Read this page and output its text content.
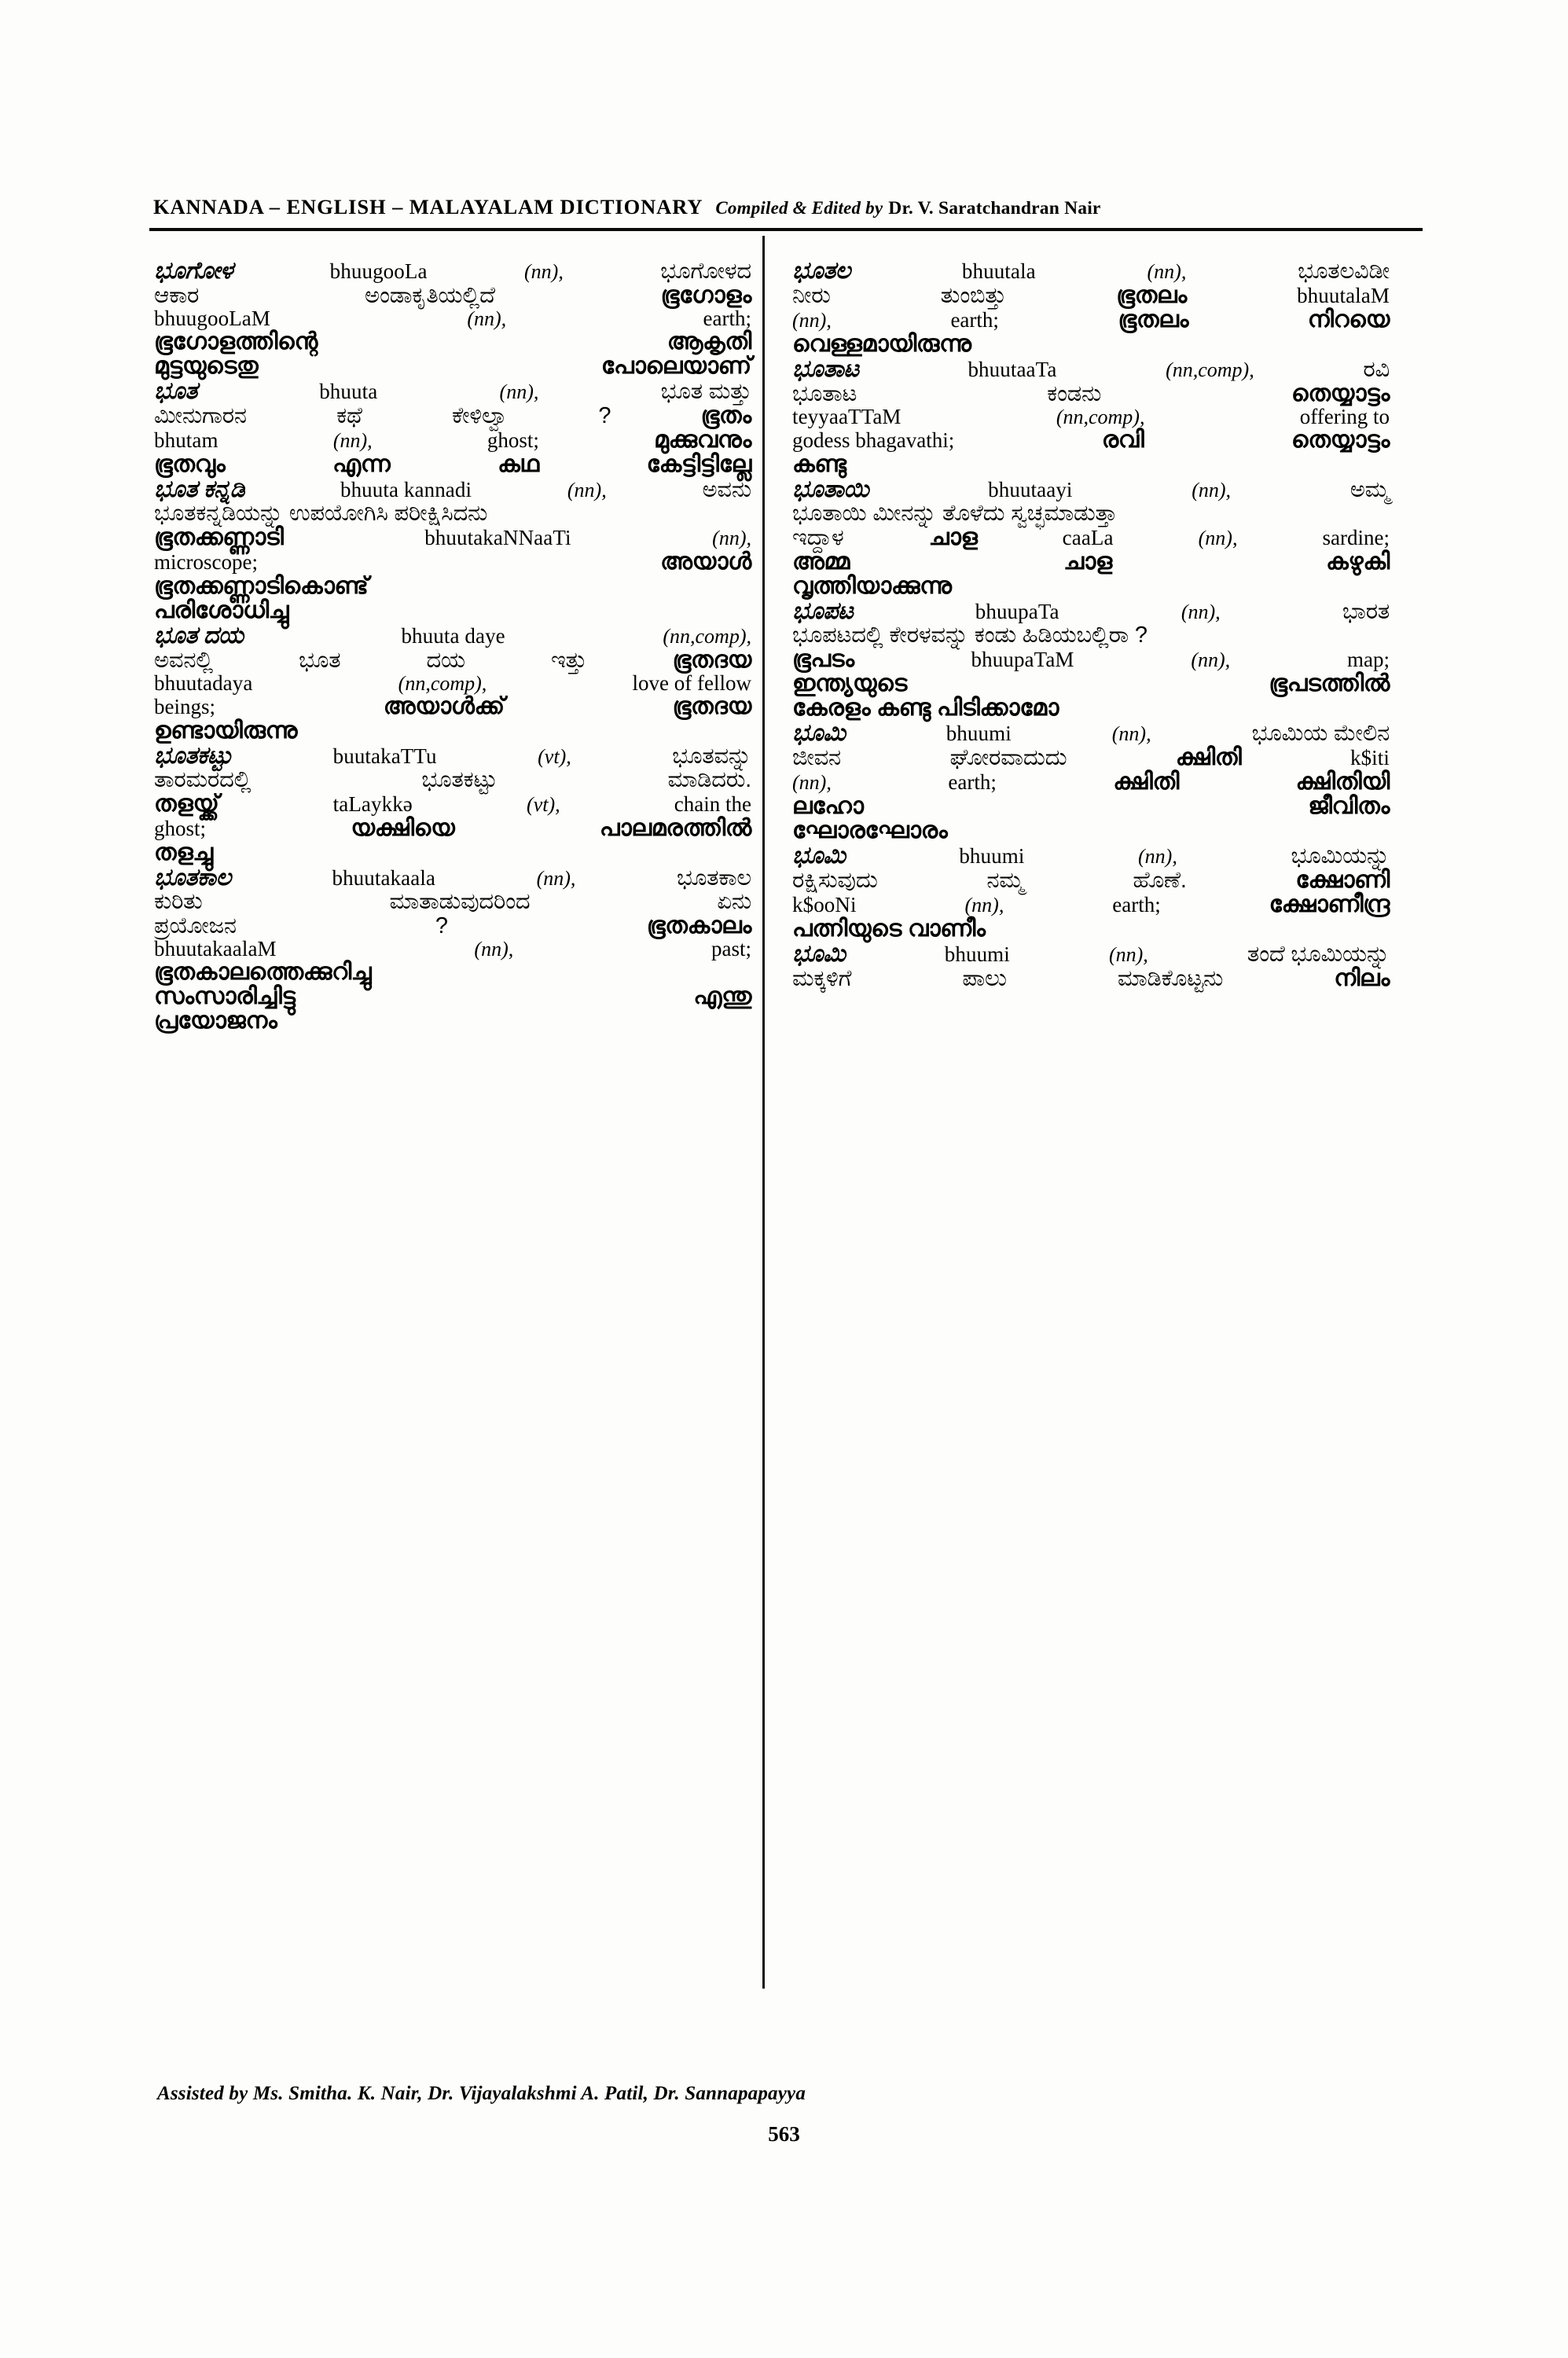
KANNADA – ENGLISH – MALAYALAM DICTIONARY Compiled & Edited by Dr. V. Saratchandran Nair
ಭೂಗೋಳ	bhuugooLa	(nn),	ಭೂಗೋಳದ
ಆಕಾರ	ಅಂಡಾಕೃತಿಯಲ್ಲಿದೆ	ഭൂഗോളം
bhuugooLaM	(nn),	earth;
ഭൂഗോളത്തിന്റെ	ആകൃതി
മുട്ടയുടെതു	പോലെയാണ്
ಭೂತ	bhuuta	(nn),	ಭೂತ ಮತ್ತು
ಮೀನುಗಾರನ	ಕಥೆ	ಕೇಳಿಲ್ವಾ	?	ഭൂതം
bhutam	(nn),	ghost;	മുക്കുവനും
ഭൂതവും	എന്ന	കഥ	കേട്ടിട്ടില്ലേ
ಭೂತ ಕನ್ನಡಿ	bhuuta kannadi	(nn),	ಅವನು
ಭೂತಕನ್ನಡಿಯನ್ನು ಉಪಯೋಗಿಸಿ ಪರೀಕ್ಷಿಸಿದನು
ഭൂതക്കണ്ണാടി	bhuutakaNNaaTi	(nn),
microscope;	അയാൾ
ഭൂതക്കണ്ണാടികൊണ്ട്
പരിശോധിച്ചു
ಭೂತ ದಯ	bhuuta daye	(nn,comp),
ಅವನಲ್ಲಿ	ಭೂತ	ದಯ	ಇತ್ತು	ഭൂതദയ
bhuutadaya	(nn,comp),	love of fellow
beings;	അയാൾക്ക്	ഭൂതദയ
ഉണ്ടായിരുന്നു
ಭೂತಕಟ್ಟು	buutakaTTu	(vt),	ಭೂತವನ್ನು
ತಾರಮರದಲ್ಲಿ	ಭೂತಕಟ್ಟು	ಮಾಡಿದರು.
തളയ്ക്ക്	taLaykkə	(vt),	chain the
ghost;	യക്ഷിയെ	പാലമരത്തിൽ
തളച്ചു
ಭೂತಕಾಲ	bhuutakaala	(nn),	ಭೂತಕಾಲ
ಕುರಿತು	ಮಾತಾಡುವುದರಿಂದ	ಏನು
ಪ್ರಯೋಜನ	?	ഭൂതകാലം
bhuutakaalaM	(nn),	past;
ഭൂതകാലത്തെക്കുറിച്ചു
സംസാരിച്ചിട്ടു	എന്തു
പ്രയോജനം
ಭೂತಲ	bhuutala	(nn),	ಭೂತಲವಿಡೀ
ನೀರು	ತುಂಬಿತ್ತು	ഭൂതലം	bhuutalaM
(nn),	earth;	ഭൂതലം	നിറയെ
വെള്ളമായിരുന്നു
ಭೂತಾಟ	bhuutaaTa	(nn,comp),	ರವಿ
ಭೂತಾಟ	ಕಂಡನು	തെയ്യാട്ടം
teyyaaTTaM	(nn,comp),	offering to
godess bhagavathi;	രവി	തെയ്യാട്ടം
കണ്ടു
ಭೂತಾಯಿ	bhuutaayi	(nn),	ಅಮ್ಮ
ಭೂತಾಯಿ ಮೀನನ್ನು ತೊಳೆದು ಸ್ವಚ್ಛಮಾಡುತ್ತಾ
ಇದ್ದಾಳ	ചാള	caaLa	(nn),	sardine;
അമ്മ	ചാള	കഴുകി
വൃത്തിയാക്കുന്നു
ಭೂಪಟ	bhuupaTa	(nn),	ಭಾರತ
ಭೂಪಟದಲ್ಲಿ ಕೇರಳವನ್ನು ಕಂಡು ಹಿಡಿಯಬಲ್ಲಿರಾ ?
ഭൂപടം	bhuupaTaM	(nn),	map;
ഇന്ത്യയുടെ	ഭൂപടത്തിൽ
കേരളം കണ്ടു പിടിക്കാമോ
ಭೂಮಿ	bhuumi	(nn),	ಭೂಮಿಯ ಮೇಲಿನ
ಜೀವನ	ಘೋರವಾದುದು	ക്ഷിതി	k$iti
(nn),	earth;	ക്ഷിതി	ക്ഷിതിയി
ലഹോ	ജീവിതം
ഘോരഘോരം
ಭೂಮಿ	bhuumi	(nn),	ಭೂಮಿಯನ್ನು
ರಕ್ಷಿಸುವುದು	ನಮ್ಮ	ಹೊಣೆ.	ക്ഷോണി
k$ooNi	(nn),	earth;	ക്ഷോണീന്ദ്ര
പത്നിയുടെ വാണീം
ಭೂಮಿ	bhuumi	(nn),	ತಂದೆ ಭೂಮಿಯನ್ನು
ಮಕ್ಕಳಿಗೆ	ಪಾಲು	ಮಾಡಿಕೊಟ್ಟನು	നിലം
Assisted by Ms. Smitha. K. Nair, Dr. Vijayalakshmi A. Patil, Dr. Sannapapayya
563
